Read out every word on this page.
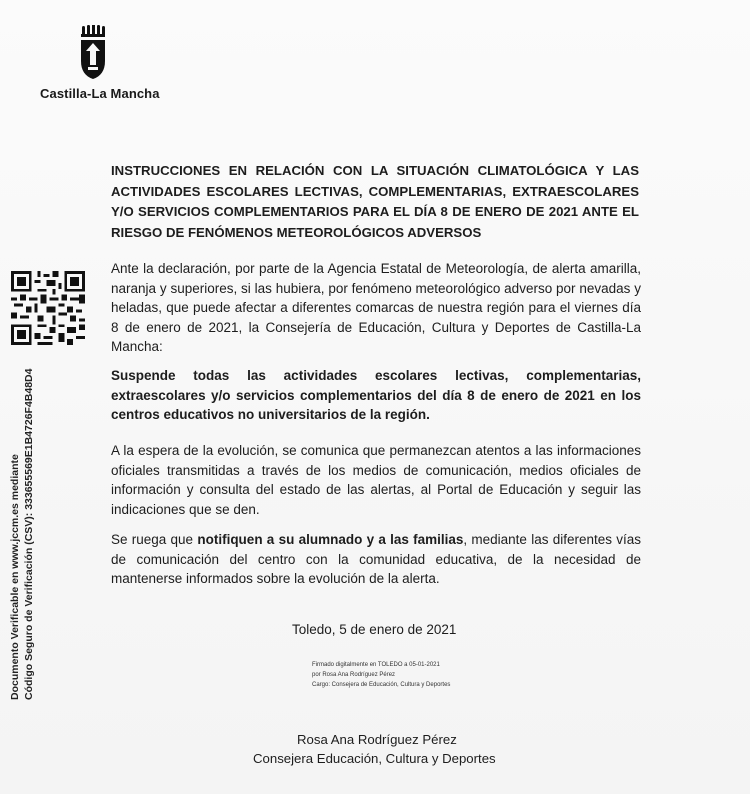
Castilla-La Mancha
Documento Verificable en www.jccm.es mediante Código Seguro de Verificación (CSV): 333655569E1B4726F4B48D4

INSTRUCCIONES EN RELACIÓN CON LA SITUACIÓN CLIMATOLÓGICA Y LAS ACTIVIDADES ESCOLARES LECTIVAS, COMPLEMENTARIAS, EXTRAESCOLARES Y/O SERVICIOS COMPLEMENTARIOS PARA EL DÍA 8 DE ENERO DE 2021 ANTE EL RIESGO DE FENÓMENOS METEOROLÓGICOS ADVERSOS

Ante la declaración, por parte de la Agencia Estatal de Meteorología, de alerta amarilla, naranja y superiores, si las hubiera, por fenómeno meteorológico adverso por nevadas y heladas, que puede afectar a diferentes comarcas de nuestra región para el viernes día 8 de enero de 2021, la Consejería de Educación, Cultura y Deportes de Castilla-La Mancha:

Suspende todas las actividades escolares lectivas, complementarias, extraescolares y/o servicios complementarios del día 8 de enero de 2021 en los centros educativos no universitarios de la región.

A la espera de la evolución, se comunica que permanezcan atentos a las informaciones oficiales transmitidas a través de los medios de comunicación, medios oficiales de información y consulta del estado de las alertas, al Portal de Educación y seguir las indicaciones que se den.

Se ruega que notifiquen a su alumnado y a las familias, mediante las diferentes vías de comunicación del centro con la comunidad educativa, de la necesidad de mantenerse informados sobre la evolución de la alerta.

Toledo, 5 de enero de 2021
Firmado digitalmente en TOLEDO a 05-01-2021
por Rosa Ana Rodríguez Pérez
Cargo: Consejera de Educación, Cultura y Deportes
Rosa Ana Rodríguez Pérez
Consejera Educación, Cultura y Deportes
